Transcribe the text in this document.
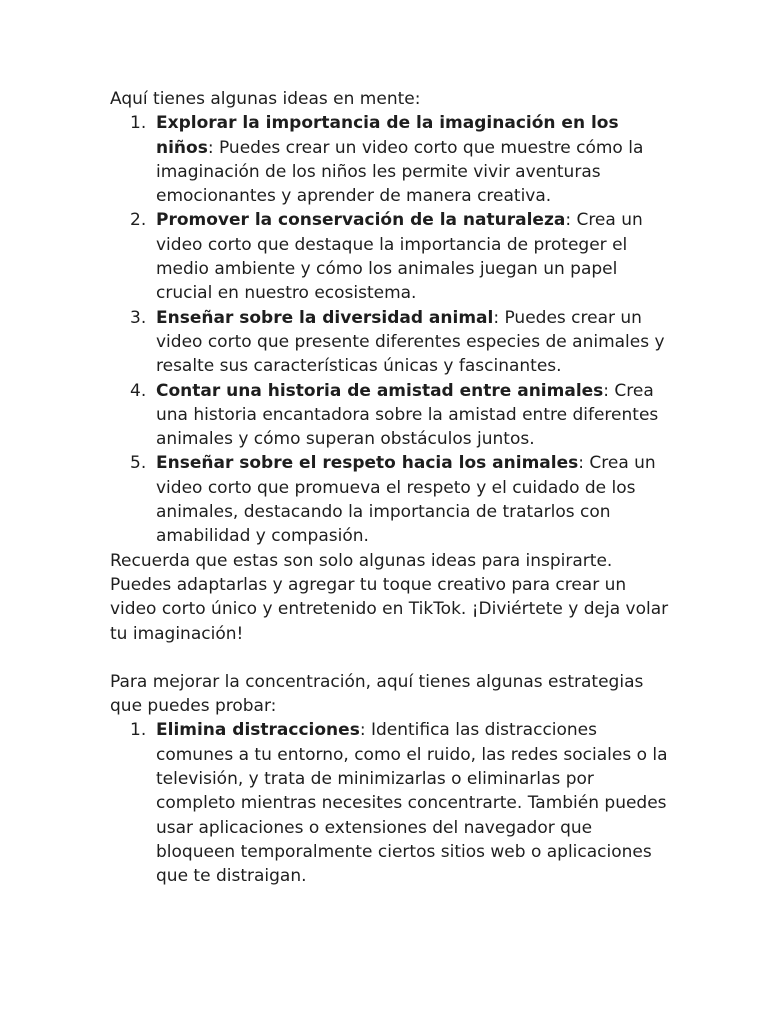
Aquí tienes algunas ideas en mente:

1. Explorar la importancia de la imaginación en los niños: Puedes crear un video corto que muestre cómo la imaginación de los niños les permite vivir aventuras emocionantes y aprender de manera creativa.
2. Promover la conservación de la naturaleza: Crea un video corto que destaque la importancia de proteger el medio ambiente y cómo los animales juegan un papel crucial en nuestro ecosistema.
3. Enseñar sobre la diversidad animal: Puedes crear un video corto que presente diferentes especies de animales y resalte sus características únicas y fascinantes.
4. Contar una historia de amistad entre animales: Crea una historia encantadora sobre la amistad entre diferentes animales y cómo superan obstáculos juntos.
5. Enseñar sobre el respeto hacia los animales: Crea un video corto que promueva el respeto y el cuidado de los animales, destacando la importancia de tratarlos con amabilidad y compasión.

Recuerda que estas son solo algunas ideas para inspirarte. Puedes adaptarlas y agregar tu toque creativo para crear un video corto único y entretenido en TikTok. ¡Diviértete y deja volar tu imaginación!

Para mejorar la concentración, aquí tienes algunas estrategias que puedes probar:

1. Elimina distracciones: Identifica las distracciones comunes a tu entorno, como el ruido, las redes sociales o la televisión, y trata de minimizarlas o eliminarlas por completo mientras necesites concentrarte. También puedes usar aplicaciones o extensiones del navegador que bloqueen temporalmente ciertos sitios web o aplicaciones que te distraigan.
